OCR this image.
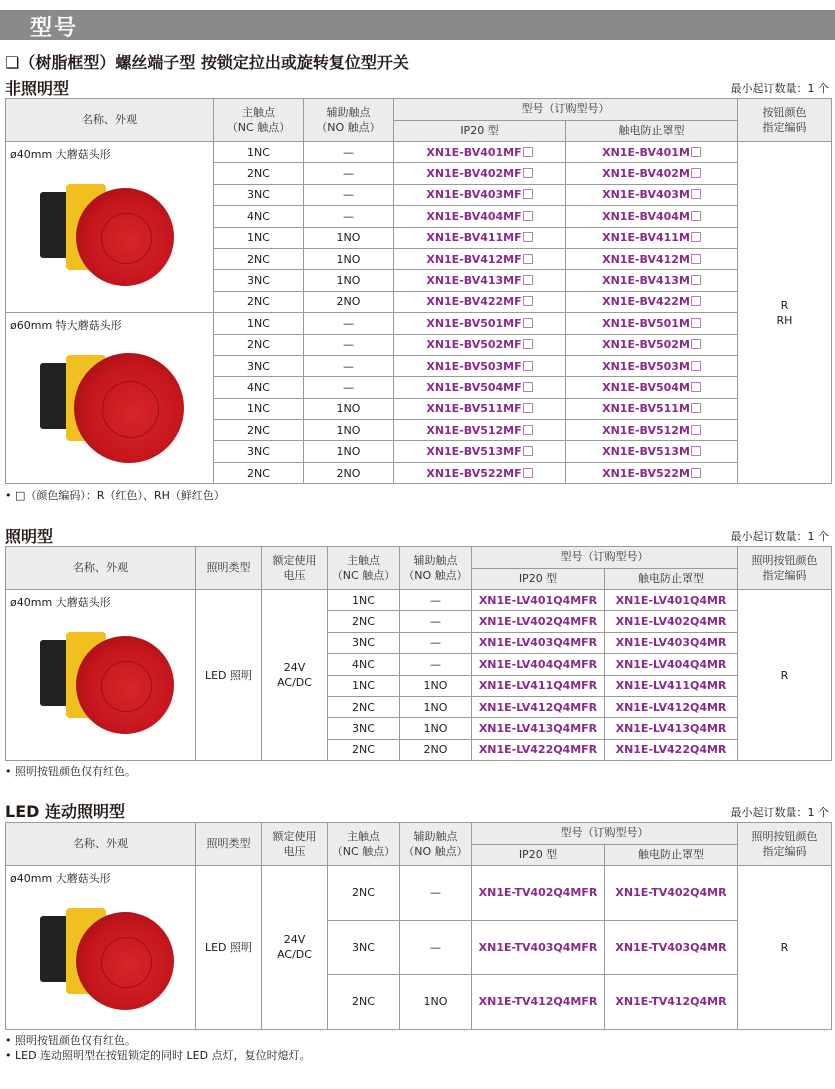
型号
❏（树脂框型）螺丝端子型 按锁定拉出或旋转复位型开关
非照明型	最小起订数量：1 个
名称、外观	主触点
（NC 触点）	辅助触点
（NO 触点）	型号（订购型号）		按钮颜色
指定编码
			IP20 型	触电防止罩型	

ø40mm 大蘑菇头形	1NC	—	XN1E-BV401MF	XN1E-BV401M	R
RH
	2NC	—	XN1E-BV402MF	XN1E-BV402M	
	3NC	—	XN1E-BV403MF	XN1E-BV403M	
	4NC	—	XN1E-BV404MF	XN1E-BV404M	
	1NC	1NO	XN1E-BV411MF	XN1E-BV411M	
	2NC	1NO	XN1E-BV412MF	XN1E-BV412M	
	3NC	1NO	XN1E-BV413MF	XN1E-BV413M	
	2NC	2NO	XN1E-BV422MF	XN1E-BV422M	

ø60mm 特大蘑菇头形	1NC	—	XN1E-BV501MF	XN1E-BV501M	
	2NC	—	XN1E-BV502MF	XN1E-BV502M	
	3NC	—	XN1E-BV503MF	XN1E-BV503M	
	4NC	—	XN1E-BV504MF	XN1E-BV504M	
	1NC	1NO	XN1E-BV511MF	XN1E-BV511M	
	2NC	1NO	XN1E-BV512MF	XN1E-BV512M	
	3NC	1NO	XN1E-BV513MF	XN1E-BV513M	
	2NC	2NO	XN1E-BV522MF	XN1E-BV522M	
• □（颜色编码）：R（红色）、RH（鲜红色）
照明型	最小起订数量：1 个
名称、外观	照明类型	额定使用
电压	主触点
（NC 触点）	辅助触点
（NO 触点）	型号（订购型号）		照明按钮颜色
指定编码
					IP20 型	触电防止罩型	

ø40mm 大蘑菇头形	LED 照明	24V
AC/DC	1NC	—	XN1E-LV401Q4MFR	XN1E-LV401Q4MR	R
			2NC	—	XN1E-LV402Q4MFR	XN1E-LV402Q4MR	
			3NC	—	XN1E-LV403Q4MFR	XN1E-LV403Q4MR	
			4NC	—	XN1E-LV404Q4MFR	XN1E-LV404Q4MR	
			1NC	1NO	XN1E-LV411Q4MFR	XN1E-LV411Q4MR	
			2NC	1NO	XN1E-LV412Q4MFR	XN1E-LV412Q4MR	
			3NC	1NO	XN1E-LV413Q4MFR	XN1E-LV413Q4MR	
			2NC	2NO	XN1E-LV422Q4MFR	XN1E-LV422Q4MR	
• 照明按钮颜色仅有红色。
LED 连动照明型	最小起订数量：1 个
名称、外观	照明类型	额定使用
电压	主触点
（NC 触点）	辅助触点
（NO 触点）	型号（订购型号）		照明按钮颜色
指定编码
					IP20 型	触电防止罩型	

ø40mm 大蘑菇头形	LED 照明	24V
AC/DC	2NC	—	XN1E-TV402Q4MFR	XN1E-TV402Q4MR	R
			3NC	—	XN1E-TV403Q4MFR	XN1E-TV403Q4MR	
			2NC	1NO	XN1E-TV412Q4MFR	XN1E-TV412Q4MR	
• 照明按钮颜色仅有红色。
• LED 连动照明型在按钮锁定的同时 LED 点灯，复位时熄灯。
